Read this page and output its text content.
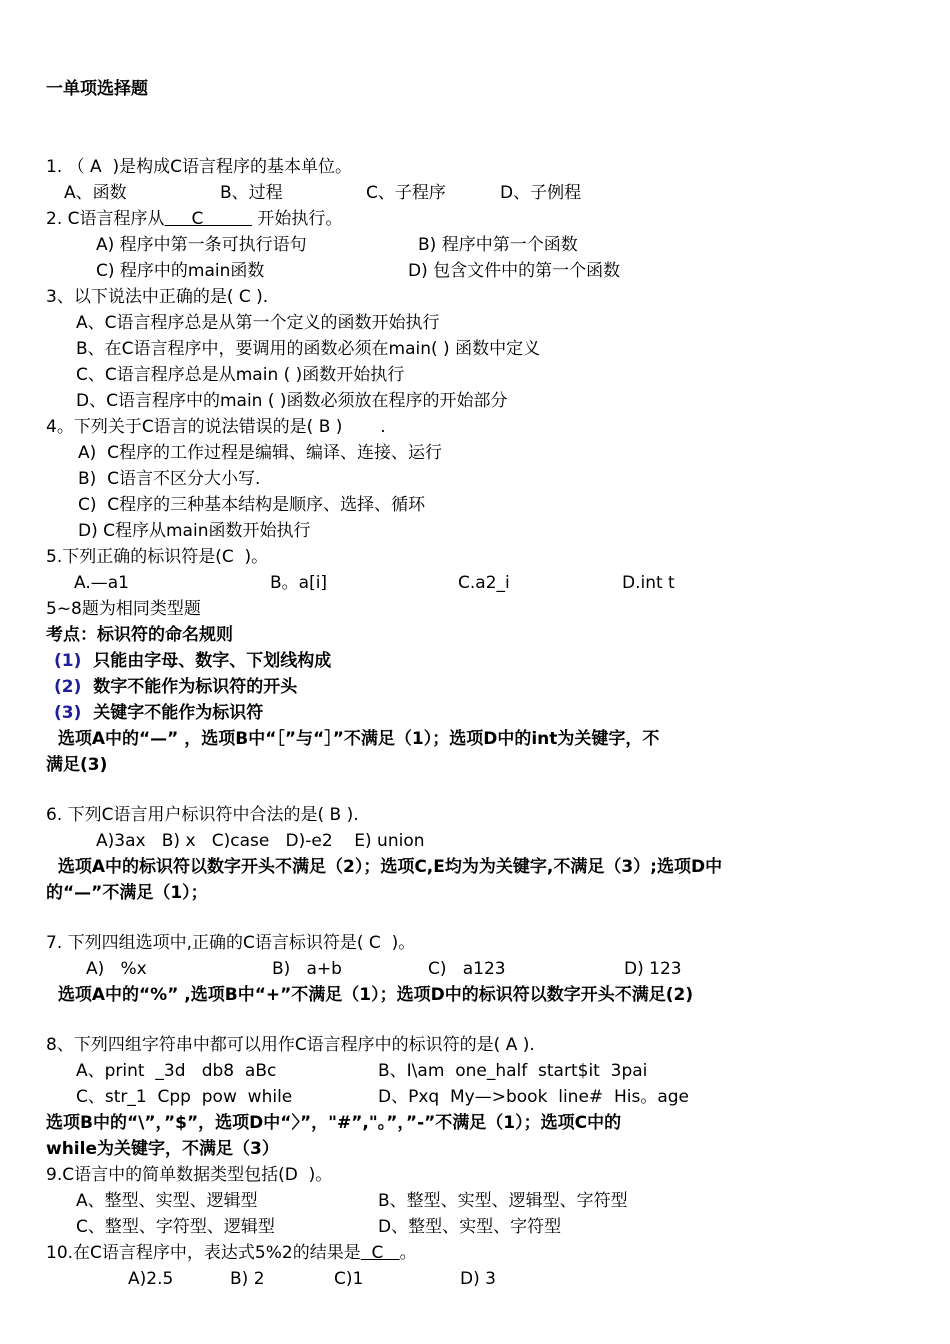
一单项选择题
1. （ A  )是构成C语言程序的基本单位。
A、函数	B、过程	C、子程序	D、子例程
2. C语言程序从     C          开始执行。
A) 程序中第一条可执行语句	B) 程序中第一个函数
C) 程序中的main函数	D) 包含文件中的第一个函数
3、以下说法中正确的是( C ).
A、C语言程序总是从第一个定义的函数开始执行
B、在C语言程序中，要调用的函数必须在main( ) 函数中定义
C、C语言程序总是从main ( )函数开始执行
D、C语言程序中的main ( )函数必须放在程序的开始部分
4。下列关于C语言的说法错误的是( B )       .
A)  C程序的工作过程是编辑、编译、连接、运行
B)  C语言不区分大小写.
C)  C程序的三种基本结构是顺序、选择、循环
D) C程序从main函数开始执行
5.下列正确的标识符是(C  )。
A.—a1	B。a[i]	C.a2_i	D.int t
5~8题为相同类型题
考点：标识符的命名规则
(1) 只能由字母、数字、下划线构成
(2) 数字不能作为标识符的开头
(3) 关键字不能作为标识符
选项A中的“—” ，选项B中“［”与“］”不满足（1）；选项D中的int为关键字，不
满足(3)
6. 下列C语言用户标识符中合法的是( B ).
A)3ax   B) x   C)case   D)-e2    E) union
选项A中的标识符以数字开头不满足（2）；选项C,E均为为关键字,不满足（3）;选项D中
的“—”不满足（1）；
7. 下列四组选项中,正确的C语言标识符是( C  )。
A)   %x	B)   a+b	C)   a123	D) 123
选项A中的“%” ,选项B中“+”不满足（1）；选项D中的标识符以数字开头不满足(2)
8、下列四组字符串中都可以用作C语言程序中的标识符的是( A ).
A、print  _3d   db8  aBc	B、I\am  one_half  start$it  3pai
C、str_1  Cpp  pow  while	D、Pxq  My—>book  line#  His。age
选项B中的“\”，”$”，选项D中“〉”，"#”,"。”，”-”不满足（1）；选项C中的
while为关键字，不满足（3）
9.C语言中的简单数据类型包括(D  )。
A、整型、实型、逻辑型	B、整型、实型、逻辑型、字符型
C、整型、字符型、逻辑型	D、整型、实型、字符型
10.在C语言程序中，表达式5%2的结果是  C   。
A)2.5	B) 2	C)1	D) 3
